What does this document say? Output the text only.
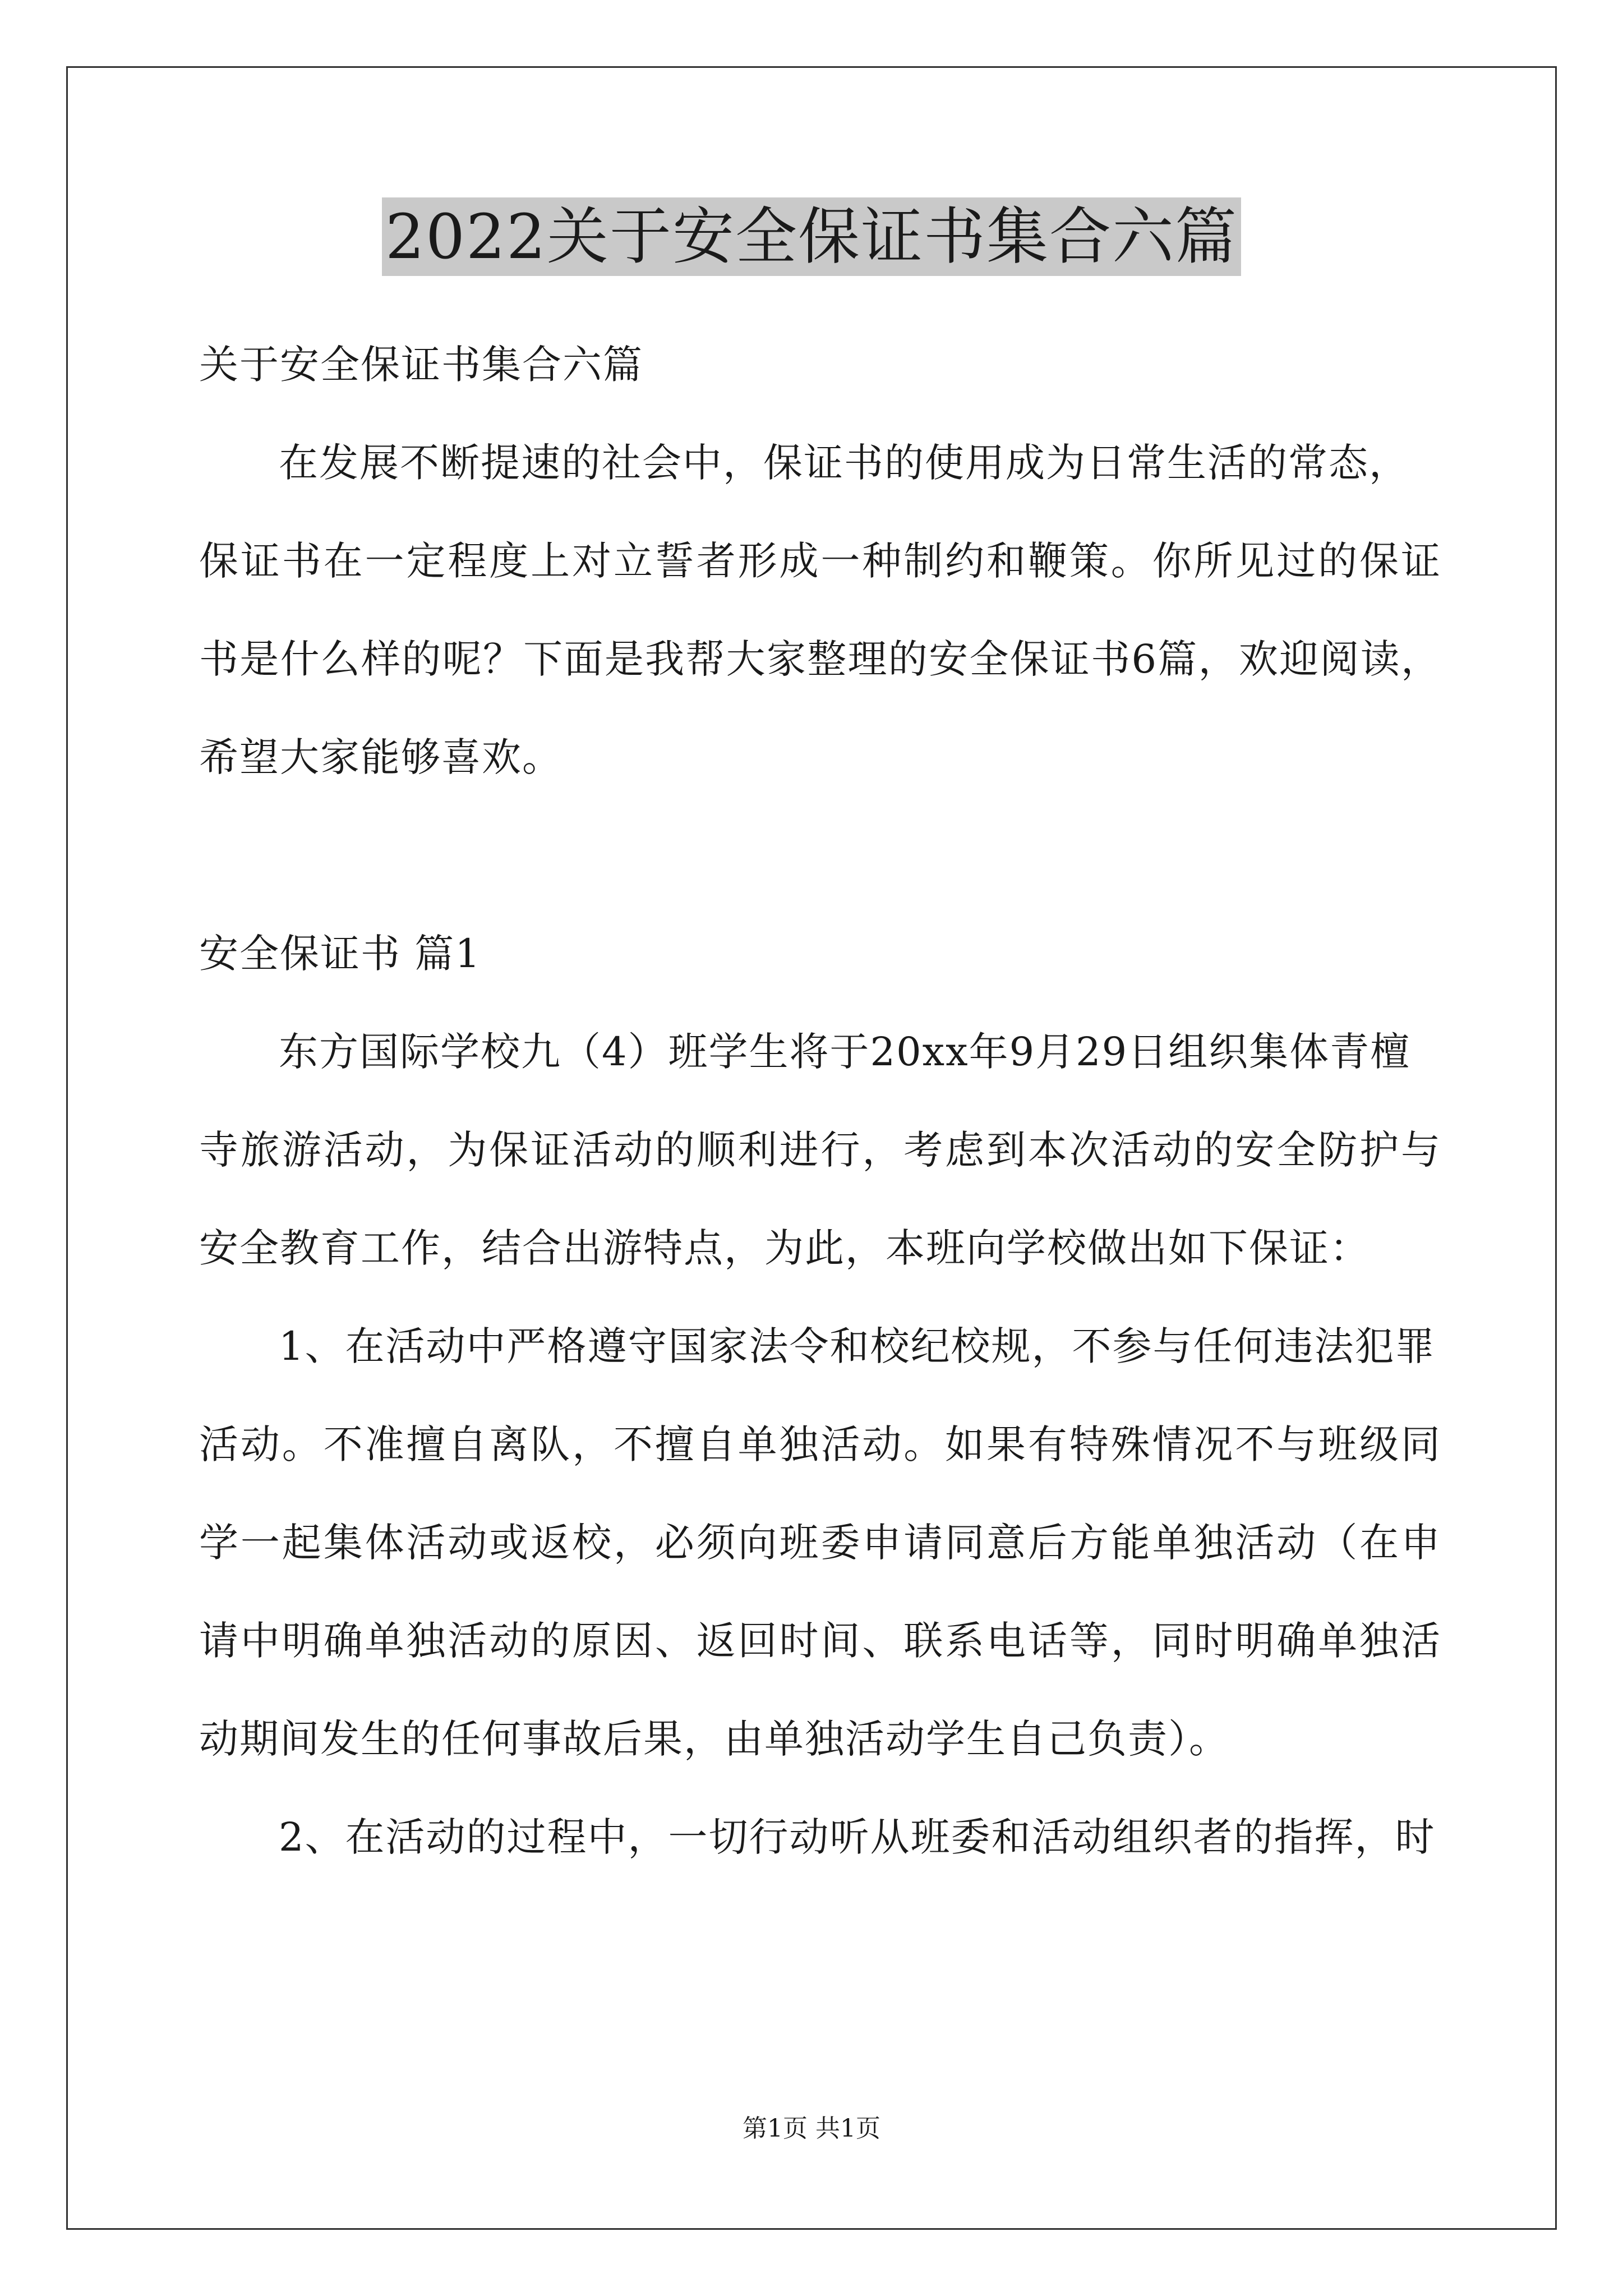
2022关于安全保证书集合六篇
关于安全保证书集合六篇
在发展不断提速的社会中，保证书的使用成为日常生活的常态，
保证书在一定程度上对立誓者形成一种制约和鞭策。你所见过的保证
书是什么样的呢？下面是我帮大家整理的安全保证书6篇，欢迎阅读，
希望大家能够喜欢。
安全保证书 篇1
东方国际学校九（4）班学生将于20xx年9月29日组织集体青檀
寺旅游活动，为保证活动的顺利进行，考虑到本次活动的安全防护与
安全教育工作，结合出游特点，为此，本班向学校做出如下保证：
1、在活动中严格遵守国家法令和校纪校规，不参与任何违法犯罪
活动。不准擅自离队，不擅自单独活动。如果有特殊情况不与班级同
学一起集体活动或返校，必须向班委申请同意后方能单独活动（在申
请中明确单独活动的原因、返回时间、联系电话等，同时明确单独活
动期间发生的任何事故后果，由单独活动学生自己负责）。
2、在活动的过程中，一切行动听从班委和活动组织者的指挥，时
第1页 共1页
